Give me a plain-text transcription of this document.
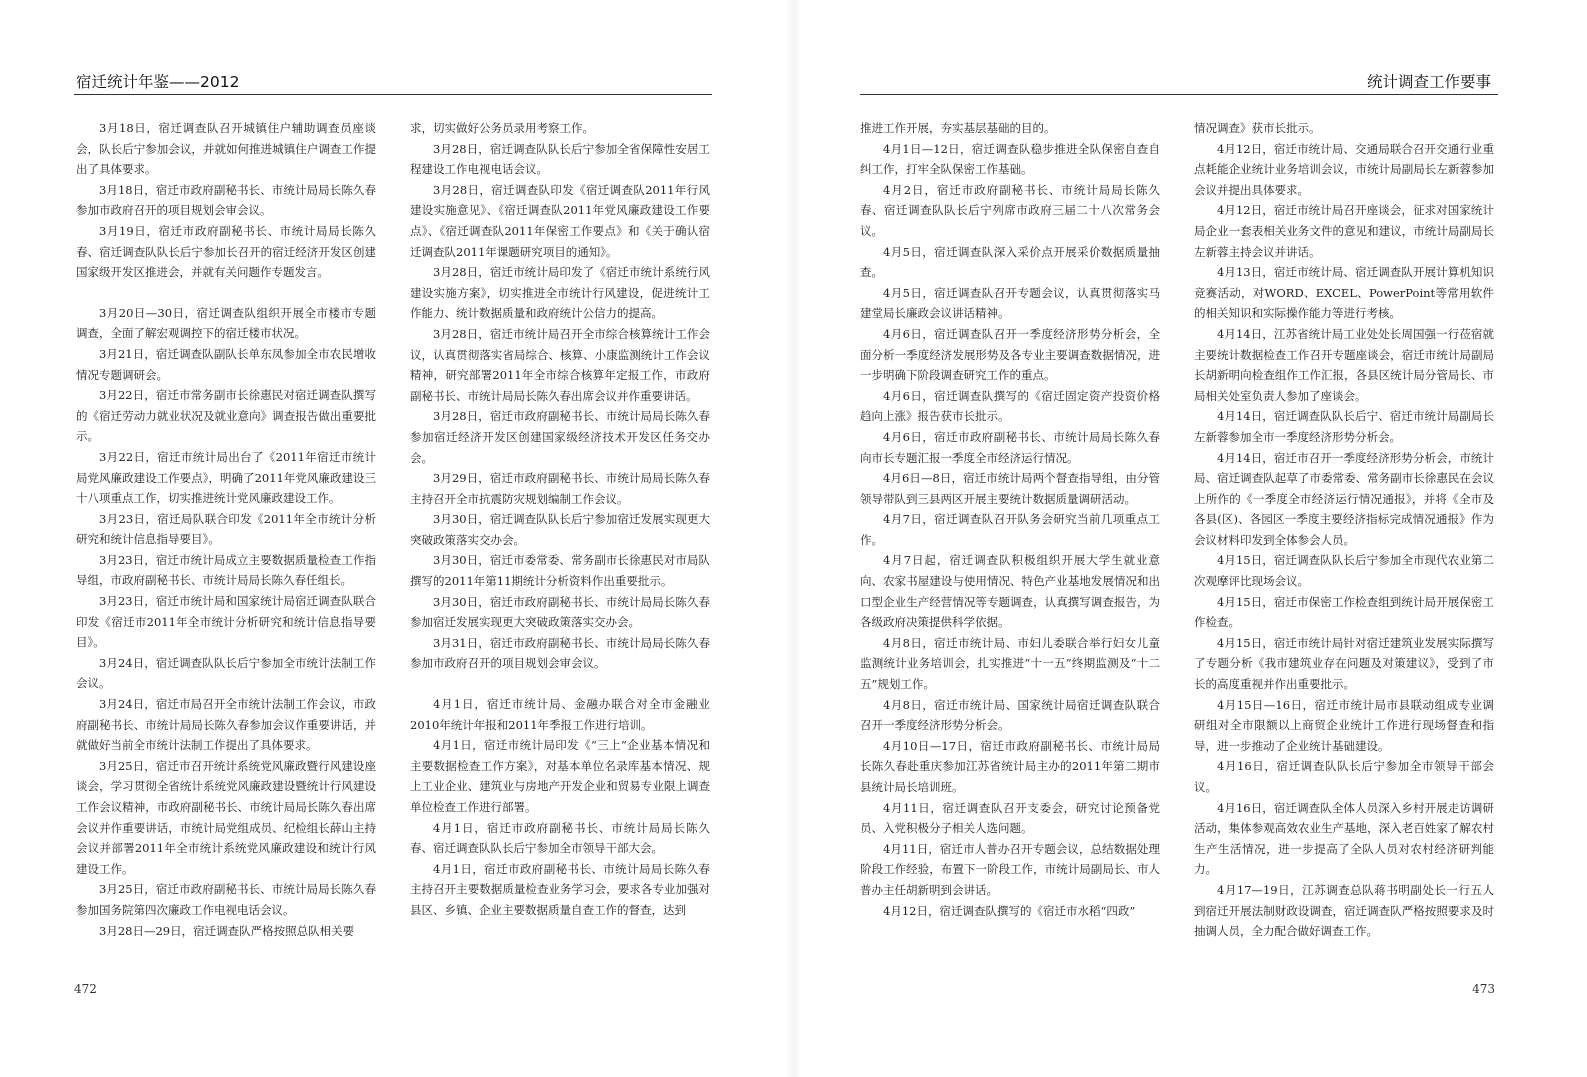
宿迁统计年鉴——2012

3月18日，宿迁调查队召开城镇住户辅助调查员座谈会，队长后宁参加会议，并就如何推进城镇住户调查工作提出了具体要求。

3月18日，宿迁市政府副秘书长、市统计局局长陈久春参加市政府召开的项目规划会审会议。

3月19日，宿迁市政府副秘书长、市统计局局长陈久春、宿迁调查队队长后宁参加长召开的宿迁经济开发区创建国家级开发区推进会，并就有关问题作专题发言。

3月20日—30日，宿迁调查队组织开展全市楼市专题调查，全面了解宏观调控下的宿迁楼市状况。

3月21日，宿迁调查队副队长单东凤参加全市农民增收情况专题调研会。

3月22日，宿迁市常务副市长徐惠民对宿迁调查队撰写的《宿迁劳动力就业状况及就业意向》调查报告做出重要批示。

3月22日，宿迁市统计局出台了《2011年宿迁市统计局党风廉政建设工作要点》，明确了2011年党风廉政建设三十八项重点工作，切实推进统计党风廉政建设工作。

3月23日，宿迁局队联合印发《2011年全市统计分析研究和统计信息指导要目》。

3月23日，宿迁市统计局成立主要数据质量检查工作指导组，市政府副秘书长、市统计局局长陈久春任组长。

3月23日，宿迁市统计局和国家统计局宿迁调查队联合印发《宿迁市2011年全市统计分析研究和统计信息指导要目》。

3月24日，宿迁调查队队长后宁参加全市统计法制工作会议。

3月24日，宿迁市局召开全市统计法制工作会议，市政府副秘书长、市统计局局长陈久春参加会议作重要讲话，并就做好当前全市统计法制工作提出了具体要求。

3月25日，宿迁市召开统计系统党风廉政暨行风建设座谈会，学习贯彻全省统计系统党风廉政建设暨统计行风建设工作会议精神，市政府副秘书长、市统计局局长陈久春出席会议并作重要讲话，市统计局党组成员、纪检组长薛山主持会议并部署2011年全市统计系统党风廉政建设和统计行风建设工作。

3月25日，宿迁市政府副秘书长、市统计局局长陈久春参加国务院第四次廉政工作电视电话会议。

3月28日—29日，宿迁调查队严格按照总队相关要

求，切实做好公务员录用考察工作。

3月28日，宿迁调查队队长后宁参加全省保障性安居工程建设工作电视电话会议。

3月28日，宿迁调查队印发《宿迁调查队2011年行风建设实施意见》、《宿迁调查队2011年党风廉政建设工作要点》、《宿迁调查队2011年保密工作要点》和《关于确认宿迁调查队2011年课题研究项目的通知》。

3月28日，宿迁市统计局印发了《宿迁市统计系统行风建设实施方案》，切实推进全市统计行风建设，促进统计工作能力、统计数据质量和政府统计公信力的提高。

3月28日，宿迁市统计局召开全市综合核算统计工作会议，认真贯彻落实省局综合、核算、小康监测统计工作会议精神，研究部署2011年全市综合核算年定报工作，市政府副秘书长、市统计局局长陈久春出席会议并作重要讲话。

3月28日，宿迁市政府副秘书长、市统计局局长陈久春参加宿迁经济开发区创建国家级经济技术开发区任务交办会。

3月29日，宿迁市政府副秘书长、市统计局局长陈久春主持召开全市抗震防灾规划编制工作会议。

3月30日，宿迁调查队队长后宁参加宿迁发展实现更大突破政策落实交办会。

3月30日，宿迁市委常委、常务副市长徐惠民对市局队撰写的2011年第11期统计分析资料作出重要批示。

3月30日，宿迁市政府副秘书长、市统计局局长陈久春参加宿迁发展实现更大突破政策落实交办会。

3月31日，宿迁市政府副秘书长、市统计局局长陈久春参加市政府召开的项目规划会审会议。

4月1日，宿迁市统计局、金融办联合对全市金融业2010年统计年报和2011年季报工作进行培训。

4月1日，宿迁市统计局印发《“三上”企业基本情况和主要数据检查工作方案》，对基本单位名录库基本情况、规上工业企业、建筑业与房地产开发企业和贸易专业限上调查单位检查工作进行部署。

4月1日，宿迁市政府副秘书长、市统计局局长陈久春、宿迁调查队队长后宁参加全市领导干部大会。

4月1日，宿迁市政府副秘书长、市统计局局长陈久春主持召开主要数据质量检查业务学习会，要求各专业加强对县区、乡镇、企业主要数据质量自查工作的督查，达到

472
统计调查工作要事

推进工作开展，夯实基层基础的目的。

4月1日—12日，宿迁调查队稳步推进全队保密自查自纠工作，打牢全队保密工作基础。

4月2日，宿迁市政府副秘书长、市统计局局长陈久春、宿迁调查队队长后宁列席市政府三届二十八次常务会议。

4月5日，宿迁调查队深入采价点开展采价数据质量抽查。

4月5日，宿迁调查队召开专题会议，认真贯彻落实马建堂局长廉政会议讲话精神。

4月6日，宿迁调查队召开一季度经济形势分析会，全面分析一季度经济发展形势及各专业主要调查数据情况，进一步明确下阶段调查研究工作的重点。

4月6日，宿迁调查队撰写的《宿迁固定资产投资价格趋向上涨》报告获市长批示。

4月6日，宿迁市政府副秘书长、市统计局局长陈久春向市长专题汇报一季度全市经济运行情况。

4月6日—8日，宿迁市统计局两个督查指导组，由分管领导带队到三县两区开展主要统计数据质量调研活动。

4月7日，宿迁调查队召开队务会研究当前几项重点工作。

4月7日起，宿迁调查队积极组织开展大学生就业意向、农家书屋建设与使用情况、特色产业基地发展情况和出口型企业生产经营情况等专题调查，认真撰写调查报告，为各级政府决策提供科学依据。

4月8日，宿迁市统计局、市妇儿委联合举行妇女儿童监测统计业务培训会，扎实推进“十一五”终期监测及“十二五”规划工作。

4月8日，宿迁市统计局、国家统计局宿迁调查队联合召开一季度经济形势分析会。

4月10日—17日，宿迁市政府副秘书长、市统计局局长陈久春赴重庆参加江苏省统计局主办的2011年第二期市县统计局长培训班。

4月11日，宿迁调查队召开支委会，研究讨论预备党员、入党积极分子相关人选问题。

4月11日，宿迁市人普办召开专题会议，总结数据处理阶段工作经验，布置下一阶段工作，市统计局副局长、市人普办主任胡新明到会讲话。

4月12日，宿迁调查队撰写的《宿迁市水稻“四政”

情况调查》获市长批示。

4月12日，宿迁市统计局、交通局联合召开交通行业重点耗能企业统计业务培训会议，市统计局副局长左新蓉参加会议并提出具体要求。

4月12日，宿迁市统计局召开座谈会，征求对国家统计局企业一套表相关业务文件的意见和建议，市统计局副局长左新蓉主持会议并讲话。

4月13日，宿迁市统计局、宿迁调查队开展计算机知识竞赛活动，对WORD、EXCEL、PowerPoint等常用软件的相关知识和实际操作能力等进行考核。

4月14日，江苏省统计局工业处处长周国强一行莅宿就主要统计数据检查工作召开专题座谈会，宿迁市统计局副局长胡新明向检查组作工作汇报，各县区统计局分管局长、市局相关处室负责人参加了座谈会。

4月14日，宿迁调查队队长后宁、宿迁市统计局副局长左新蓉参加全市一季度经济形势分析会。

4月14日，宿迁市召开一季度经济形势分析会，市统计局、宿迁调查队起草了市委常委、常务副市长徐惠民在会议上所作的《一季度全市经济运行情况通报》，并将《全市及各县(区)、各园区一季度主要经济指标完成情况通报》作为会议材料印发到全体参会人员。

4月15日，宿迁调查队队长后宁参加全市现代农业第二次观摩评比现场会议。

4月15日，宿迁市保密工作检查组到统计局开展保密工作检查。

4月15日，宿迁市统计局针对宿迁建筑业发展实际撰写了专题分析《我市建筑业存在问题及对策建议》，受到了市长的高度重视并作出重要批示。

4月15日—16日，宿迁市统计局市县联动组成专业调研组对全市限额以上商贸企业统计工作进行现场督查和指导，进一步推动了企业统计基础建设。

4月16日，宿迁调查队队长后宁参加全市领导干部会议。

4月16日，宿迁调查队全体人员深入乡村开展走访调研活动，集体参观高效农业生产基地，深入老百姓家了解农村生产生活情况，进一步提高了全队人员对农村经济研判能力。

4月17—19日，江苏调查总队蒋书明副处长一行五人到宿迁开展法制财政设调查，宿迁调查队严格按照要求及时抽调人员，全力配合做好调查工作。

473
